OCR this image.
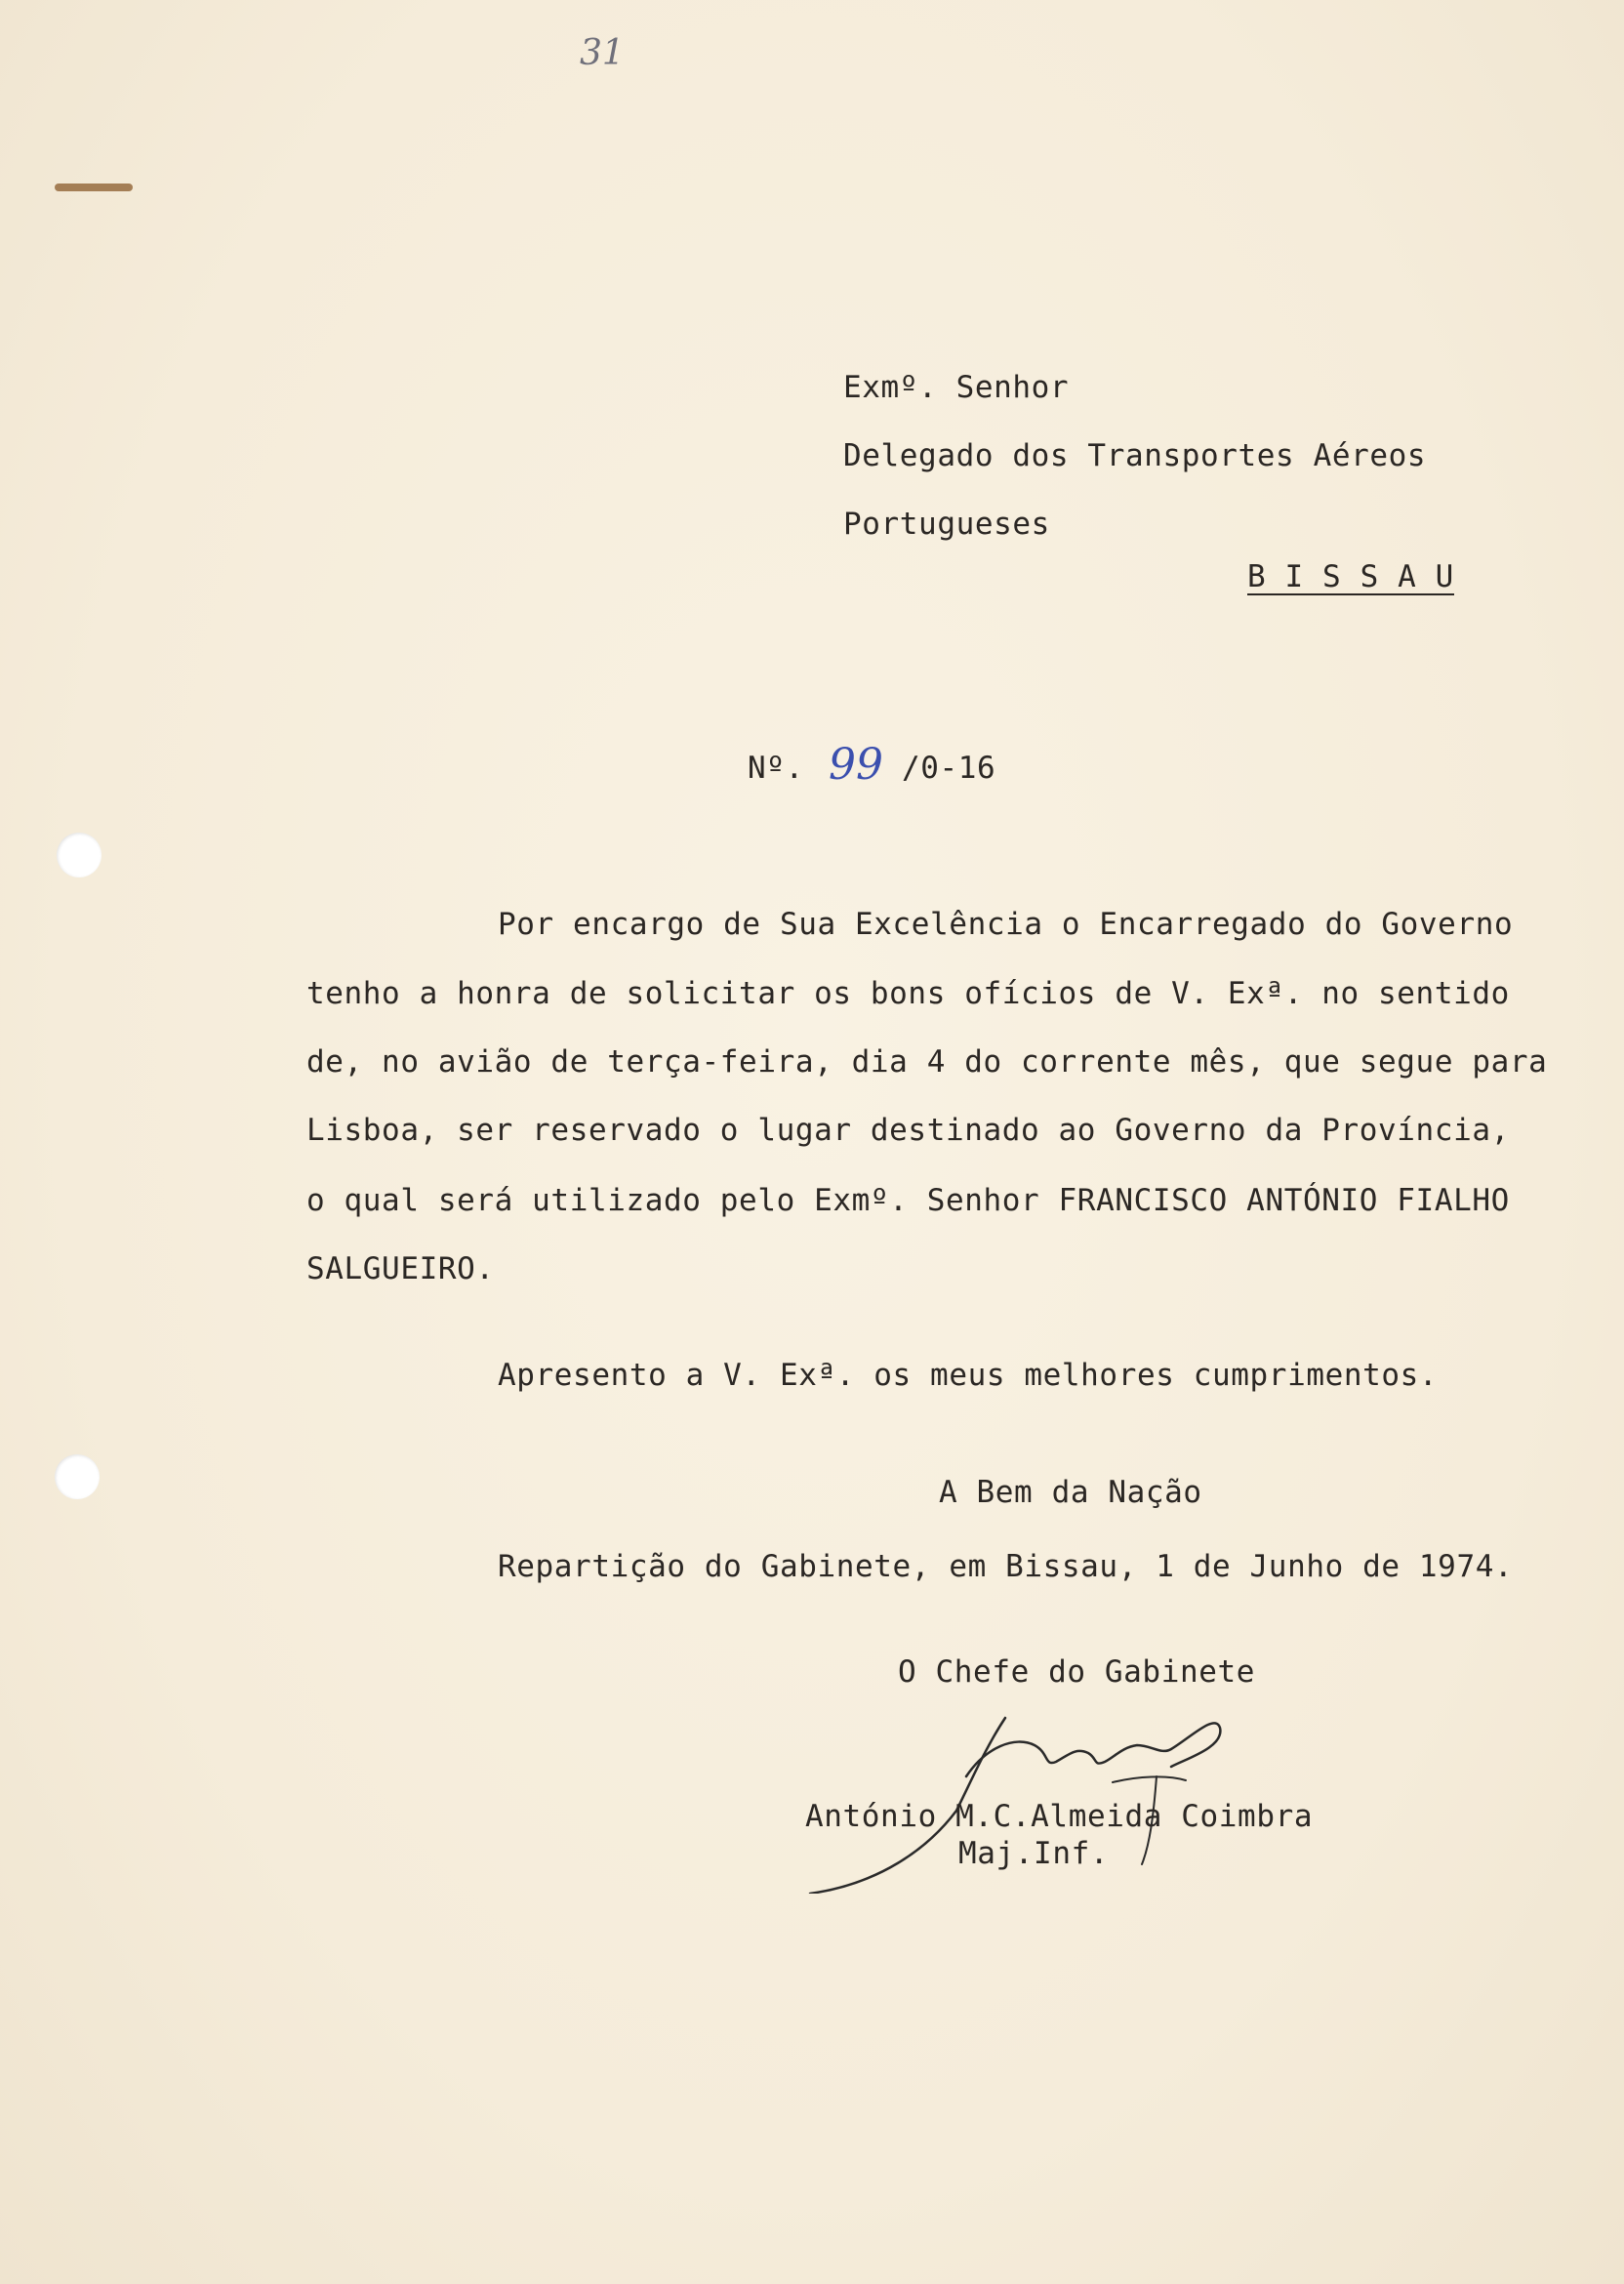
31
Exmº. Senhor
Delegado dos Transportes Aéreos
Portugueses
B I S S A U
Nº. 99 /0-16
Por encargo de Sua Excelência o Encarregado do Governo
tenho a honra de solicitar os bons ofícios de V. Exª. no sentido
de, no avião de terça-feira, dia 4 do corrente mês, que segue para
Lisboa, ser reservado o lugar destinado ao Governo da Província,
o qual será utilizado pelo Exmº. Senhor FRANCISCO ANTÓNIO FIALHO
SALGUEIRO.
Apresento a V. Exª. os meus melhores cumprimentos.
A Bem da Nação
Repartição do Gabinete, em Bissau, 1 de Junho de 1974.
O Chefe do Gabinete
António M.C.Almeida Coimbra
Maj.Inf.
